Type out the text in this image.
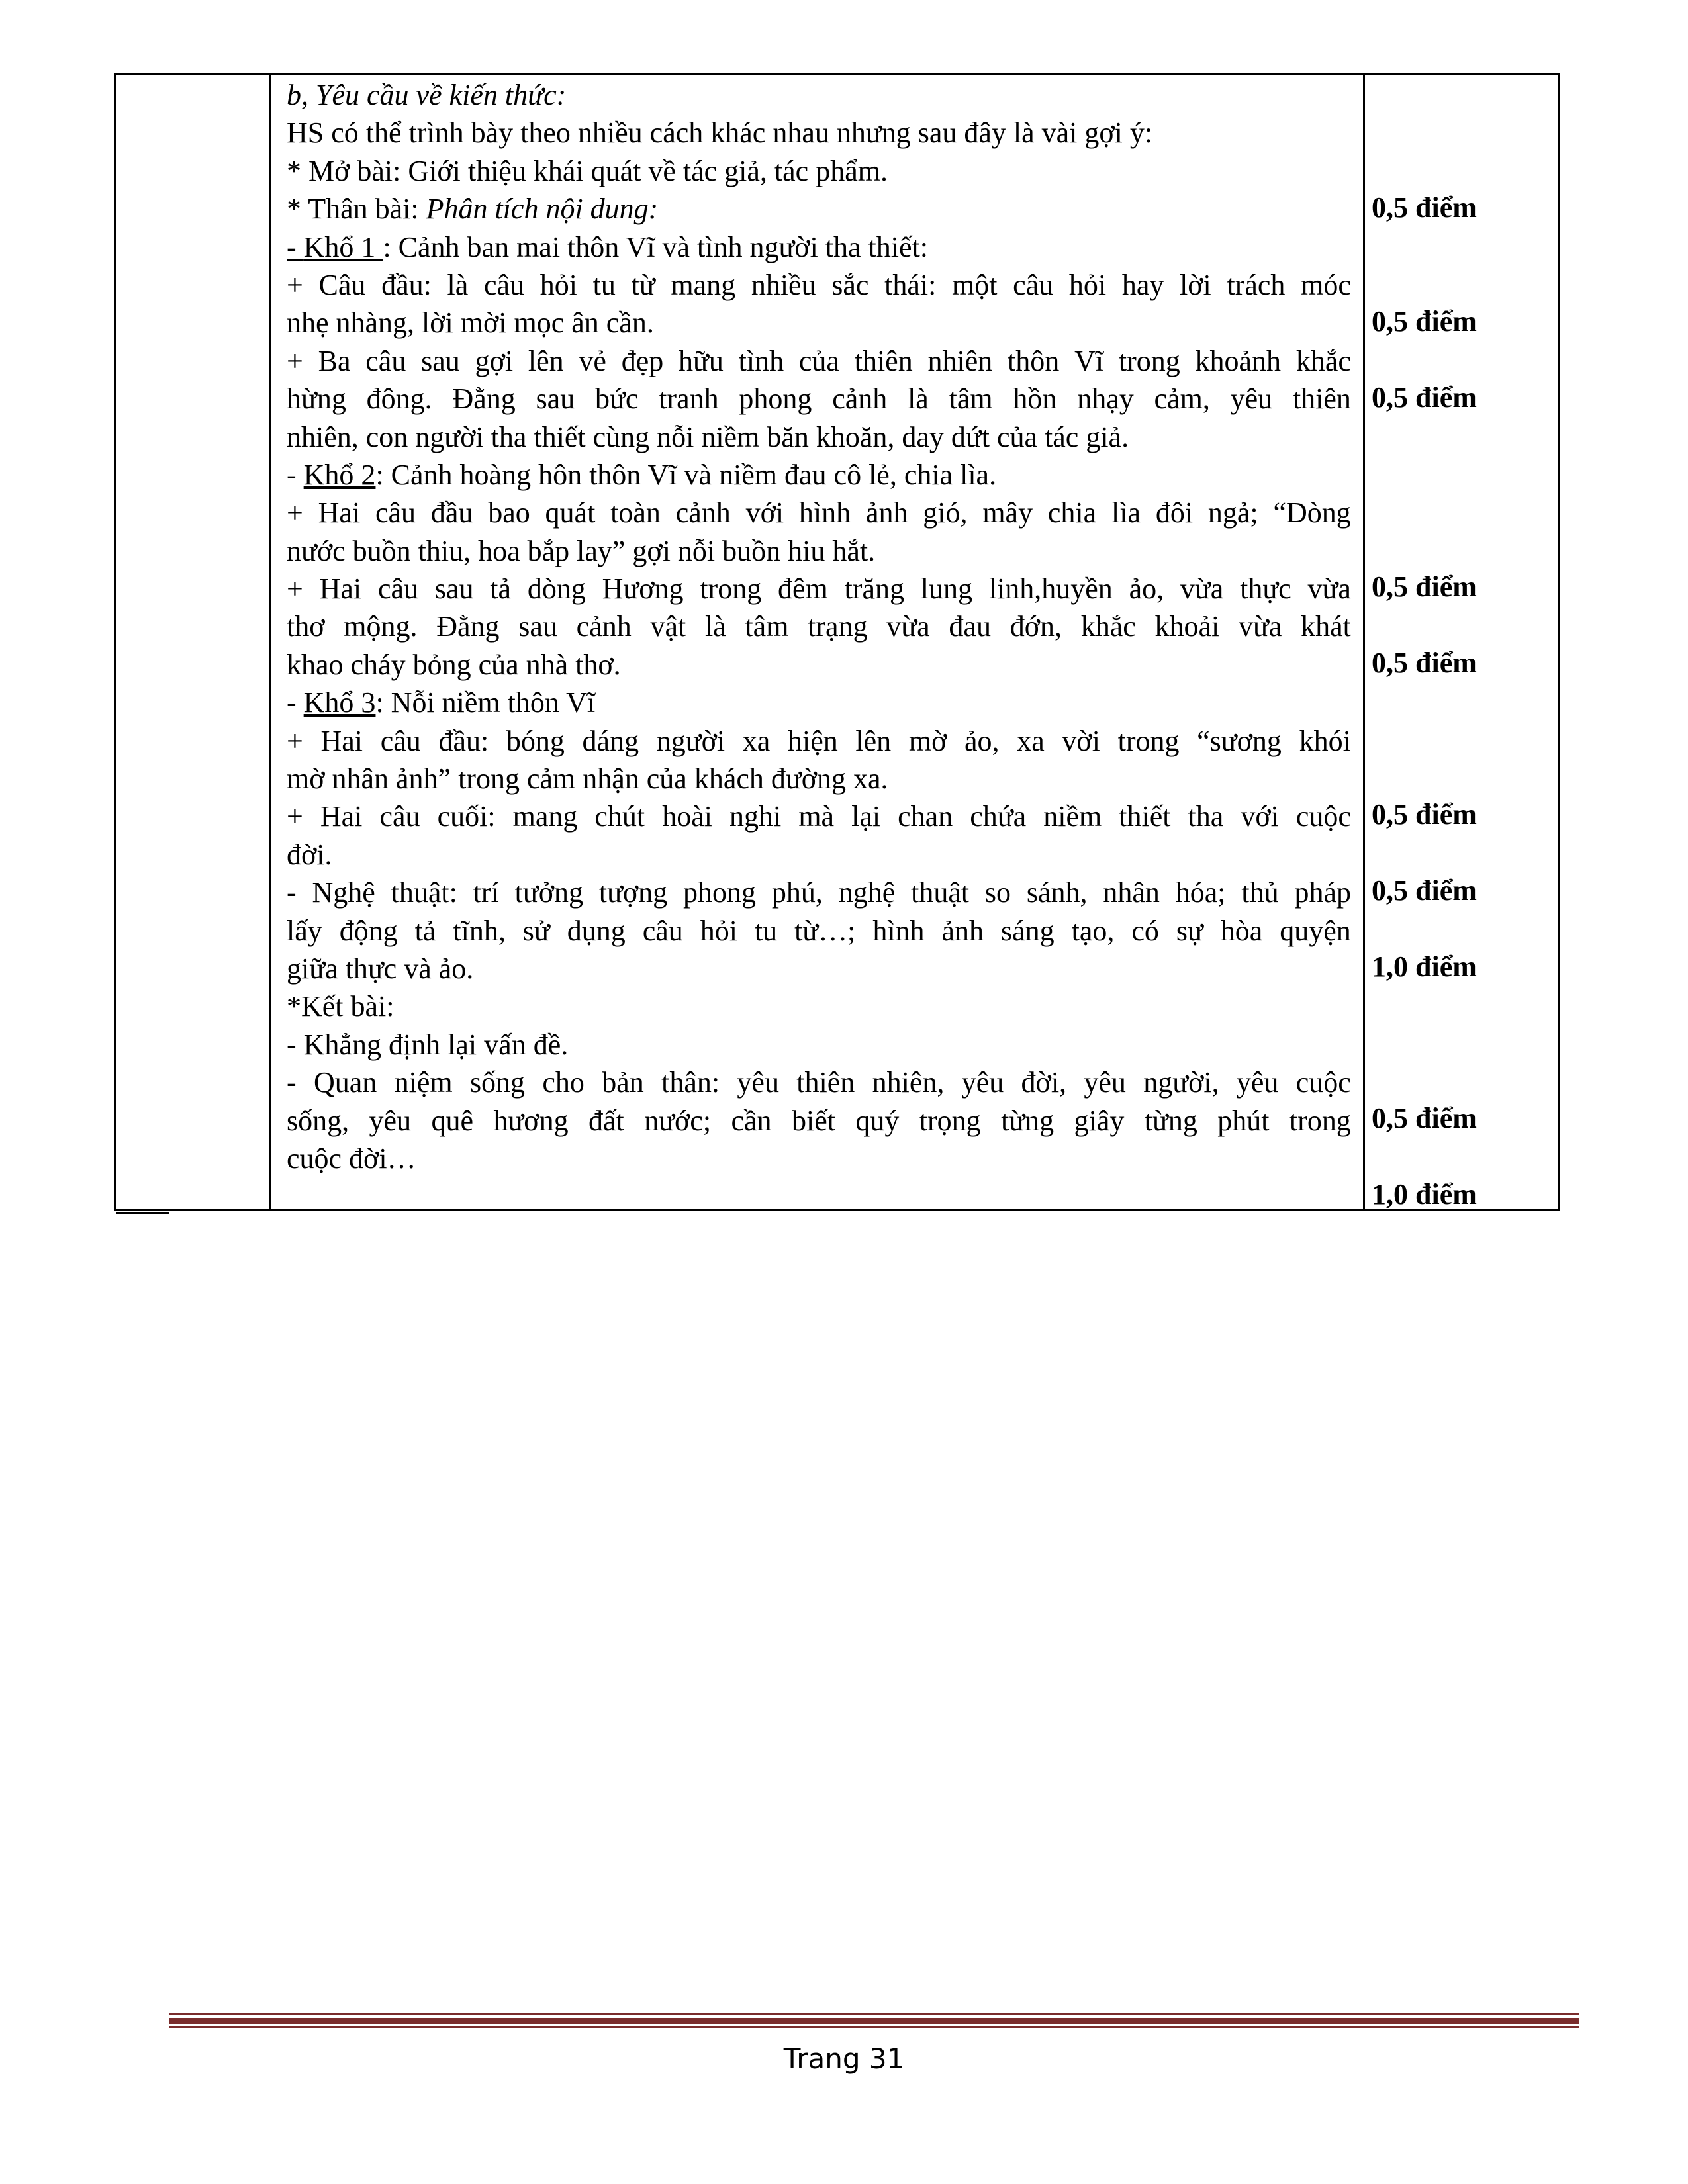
b, Yêu cầu về kiến thức:
HS có thể trình bày theo nhiều cách khác nhau nhưng sau đây là vài gợi ý:
* Mở bài: Giới thiệu khái quát về tác giả, tác phẩm.
* Thân bài: Phân tích nội dung:
- Khổ 1 : Cảnh ban mai thôn Vĩ và tình người tha thiết:
+ Câu đầu: là câu hỏi tu từ mang nhiều sắc thái: một câu hỏi hay lời trách móc
nhẹ nhàng, lời mời mọc ân cần.
+ Ba câu sau gợi lên vẻ đẹp hữu tình của thiên nhiên thôn Vĩ trong khoảnh khắc
hừng đông. Đằng sau bức tranh phong cảnh là tâm hồn nhạy cảm, yêu thiên
nhiên, con người tha thiết cùng nỗi niềm băn khoăn, day dứt của tác giả.
- Khổ 2: Cảnh hoàng hôn thôn Vĩ và niềm đau cô lẻ, chia lìa.
+ Hai câu đầu bao quát toàn cảnh với hình ảnh gió, mây chia lìa đôi ngả; “Dòng
nước buồn thiu, hoa bắp lay” gợi nỗi buồn hiu hắt.
+ Hai câu sau tả dòng Hương trong đêm trăng lung linh,huyền ảo, vừa thực vừa
thơ mộng. Đằng sau cảnh vật là tâm trạng vừa đau đớn, khắc khoải vừa khát
khao cháy bỏng của nhà thơ.
- Khổ 3: Nỗi niềm thôn Vĩ
+ Hai câu đầu: bóng dáng người xa hiện lên mờ ảo, xa vời trong “sương khói
mờ nhân ảnh” trong cảm nhận của khách đường xa.
+ Hai câu cuối: mang chút hoài nghi mà lại chan chứa niềm thiết tha với cuộc
đời.
- Nghệ thuật: trí tưởng tượng phong phú, nghệ thuật so sánh, nhân hóa; thủ pháp
lấy động tả tĩnh, sử dụng câu hỏi tu từ…; hình ảnh sáng tạo, có sự hòa quyện
giữa thực và ảo.
*Kết bài:
- Khẳng định lại vấn đề.
- Quan niệm sống cho bản thân: yêu thiên nhiên, yêu đời, yêu người, yêu cuộc
sống, yêu quê hương đất nước; cần biết quý trọng từng giây từng phút trong
cuộc đời…
0,5 điểm
0,5 điểm
0,5 điểm
0,5 điểm
0,5 điểm
0,5 điểm
0,5 điểm
1,0 điểm
0,5 điểm
1,0 điểm
Trang 31
